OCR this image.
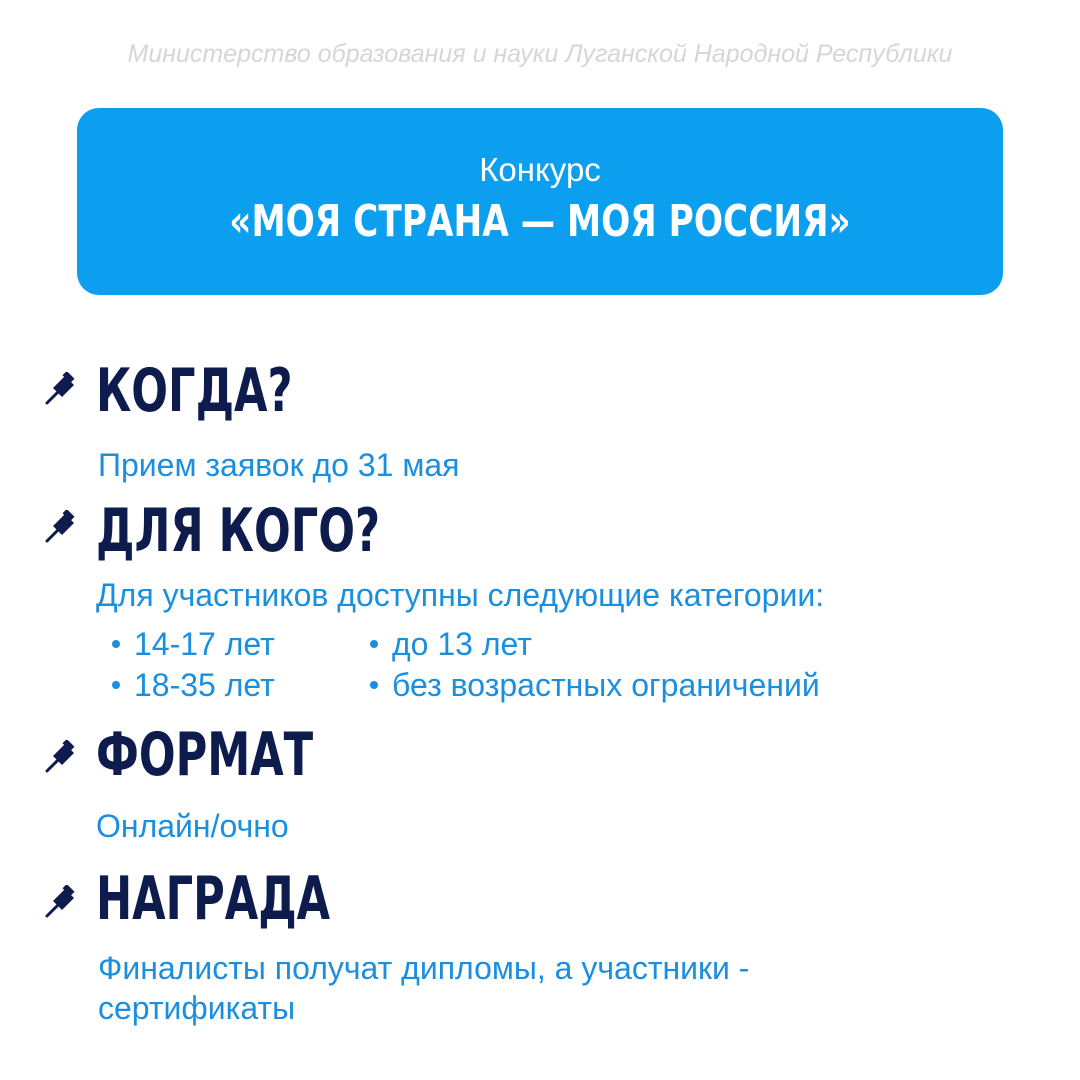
Министерство образования и науки Луганской Народной Республики
Конкурс
«МОЯ СТРАНА — МОЯ РОССИЯ»
КОГДА?
Прием заявок до 31 мая
ДЛЯ КОГО?
Для участников доступны следующие категории:
14-17 лет
18-35 лет
до 13 лет
без возрастных ограничений
ФОРМАТ
Онлайн/очно
НАГРАДА
Финалисты получат дипломы, а участники -
сертификаты
